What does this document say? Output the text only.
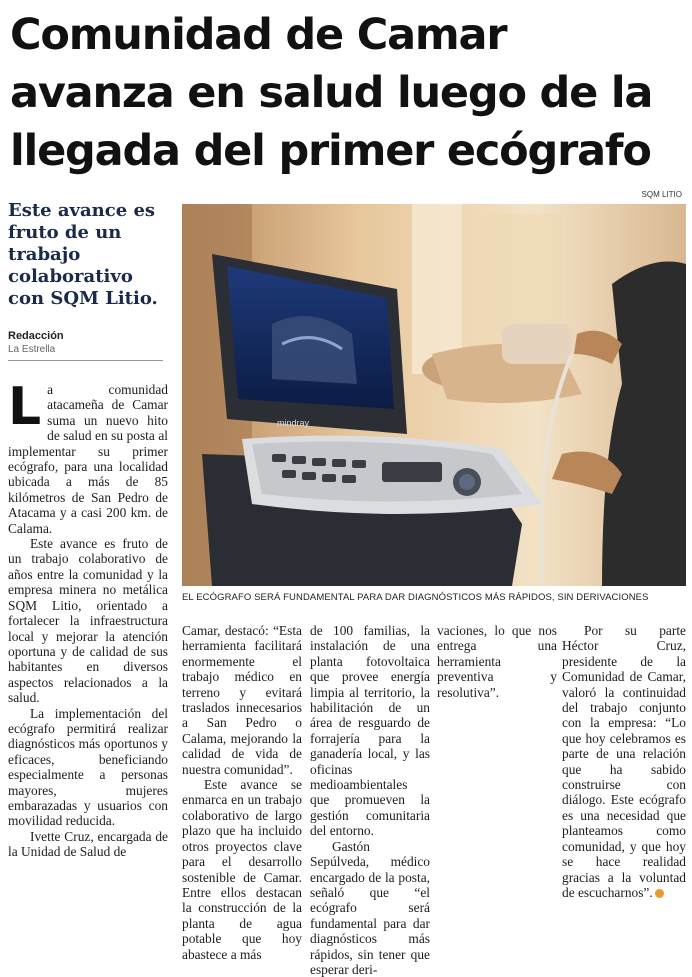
Comunidad de Camar
avanza en salud luego de la
llegada del primer ecógrafo
SQM LITIO
Este avance es fruto de un trabajo colaborativo con SQM Litio.
Redacción
La Estrella
mindray
EL ECÓGRAFO SERÁ FUNDAMENTAL PARA DAR DIAGNÓSTICOS MÁS RÁPIDOS, SIN DERIVACIONES

La comunidad atacameña de Camar suma un nuevo hito de salud en su posta al implementar su primer ecógrafo, para una localidad ubicada a más de 85 kilómetros de San Pedro de Atacama y a casi 200 km. de Calama.

Este avance es fruto de un trabajo colaborativo de años entre la comunidad y la empresa minera no metálica SQM Litio, orientado a fortalecer la infraestructura local y mejorar la atención oportuna y de calidad de sus habitantes en diversos aspectos relacionados a la salud.

La implementación del ecógrafo permitirá realizar diagnósticos más oportunos y eficaces, beneficiando especialmente a personas mayores, mujeres embarazadas y usuarios con movilidad reducida.

Ivette Cruz, encargada de la Unidad de Salud de

Camar, destacó: “Esta herramienta facilitará enormemente el trabajo médico en terreno y evitará traslados innecesarios a San Pedro o Calama, mejorando la calidad de vida de nuestra comunidad”.

Este avance se enmarca en un trabajo colaborativo de largo plazo que ha incluido otros proyectos clave para el desarrollo sostenible de Camar. Entre ellos destacan la construcción de la planta de agua potable que hoy abastece a más

de 100 familias, la instalación de una planta fotovoltaica que provee energía limpia al territorio, la habilitación de un área de resguardo de forrajería para la ganadería local, y las oficinas medioambientales que promueven la gestión comunitaria del entorno.

Gastón Sepúlveda, médico encargado de la posta, señaló que “el ecógrafo será fundamental para dar diagnósticos más rápidos, sin tener que esperar deri-

vaciones, lo que nos entrega una herramienta preventiva y resolutiva”.

Por su parte Héctor Cruz, presidente de la Comunidad de Camar, valoró la continuidad del trabajo conjunto con la empresa: “Lo que hoy celebramos es parte de una relación que ha sabido construirse con diálogo. Este ecógrafo es una necesidad que planteamos como comunidad, y que hoy se hace realidad gracias a la voluntad de escucharnos”.
